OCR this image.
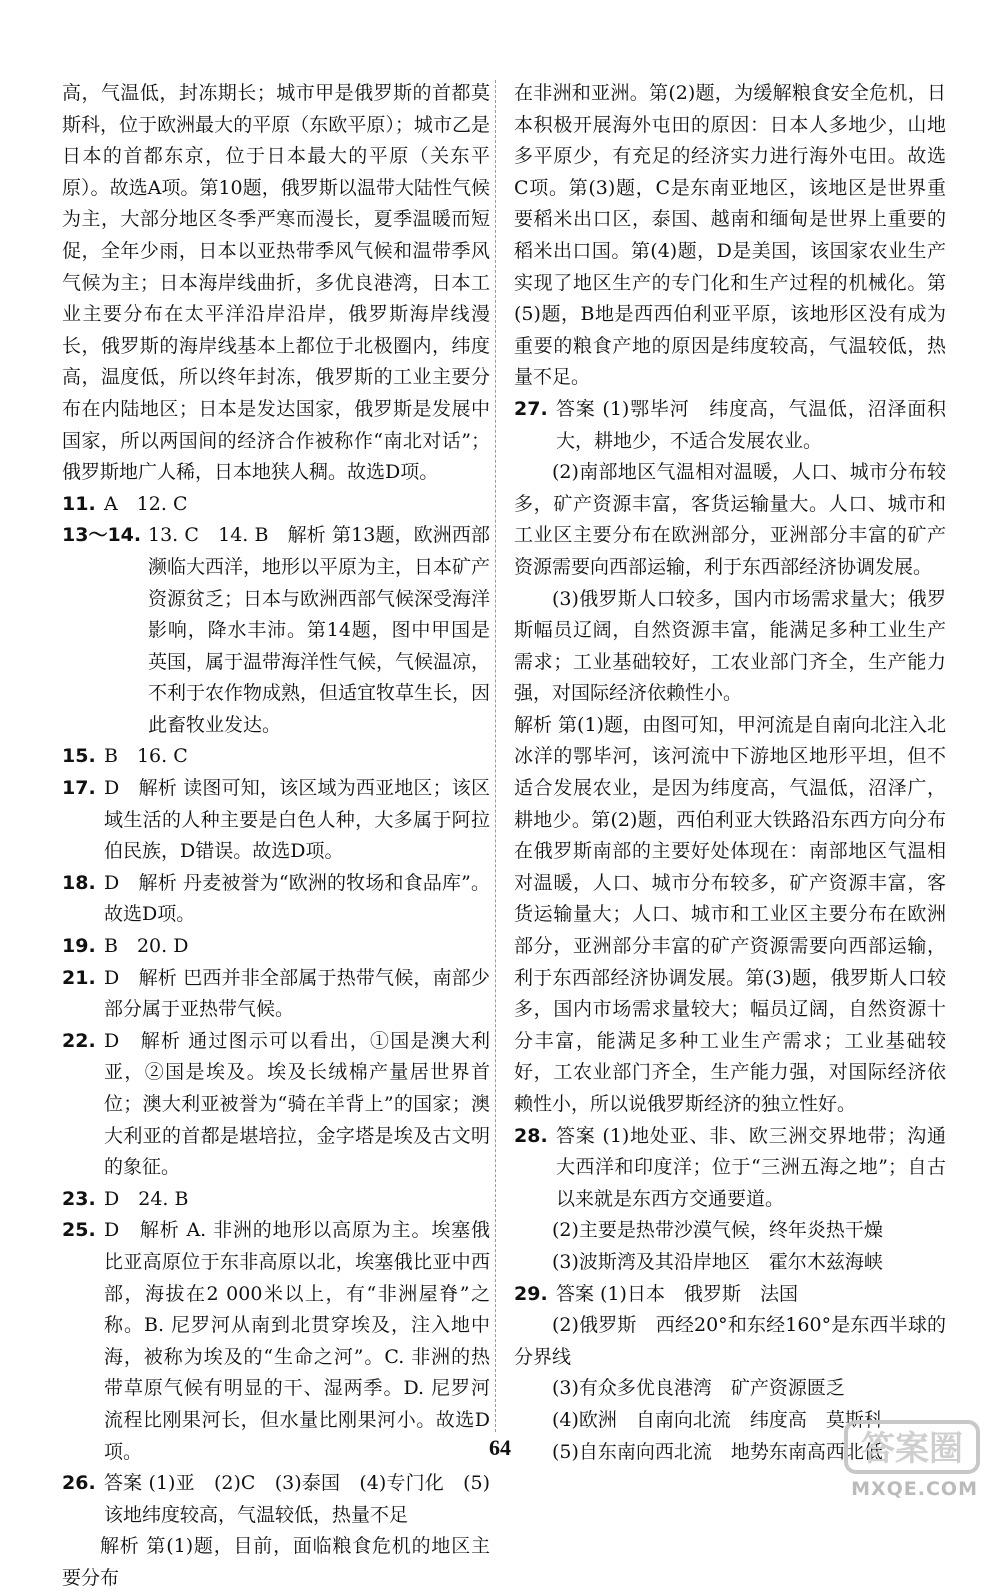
高，气温低，封冻期长；城市甲是俄罗斯的首都莫斯科，位于欧洲最大的平原（东欧平原）；城市乙是日本的首都东京，位于日本最大的平原（关东平原）。故选A项。第10题，俄罗斯以温带大陆性气候为主，大部分地区冬季严寒而漫长，夏季温暖而短促，全年少雨，日本以亚热带季风气候和温带季风气候为主；日本海岸线曲折，多优良港湾，日本工业主要分布在太平洋沿岸沿岸，俄罗斯海岸线漫长，俄罗斯的海岸线基本上都位于北极圈内，纬度高，温度低，所以终年封冻，俄罗斯的工业主要分布在内陆地区；日本是发达国家，俄罗斯是发展中国家，所以两国间的经济合作被称作“南北对话”；俄罗斯地广人稀，日本地狭人稠。故选D项。

11. A　12. C
13～14. 13. C　14. B　解析 第13题，欧洲西部濒临大西洋，地形以平原为主，日本矿产资源贫乏；日本与欧洲西部气候深受海洋影响，降水丰沛。第14题，图中甲国是英国，属于温带海洋性气候，气候温凉，不利于农作物成熟，但适宜牧草生长，因此畜牧业发达。
15. B　16. C
17. D　解析 读图可知，该区域为西亚地区；该区域生活的人种主要是白色人种，大多属于阿拉伯民族，D错误。故选D项。
18. D　解析 丹麦被誉为“欧洲的牧场和食品库”。故选D项。
19. B　20. D
21. D　解析 巴西并非全部属于热带气候，南部少部分属于亚热带气候。
22. D　解析 通过图示可以看出，①国是澳大利亚，②国是埃及。埃及长绒棉产量居世界首位；澳大利亚被誉为“骑在羊背上”的国家；澳大利亚的首都是堪培拉，金字塔是埃及古文明的象征。
23. D　24. B
25. D　解析 A. 非洲的地形以高原为主。埃塞俄比亚高原位于东非高原以北，埃塞俄比亚中西部，海拔在2 000米以上，有“非洲屋脊”之称。B. 尼罗河从南到北贯穿埃及，注入地中海，被称为埃及的“生命之河”。C. 非洲的热带草原气候有明显的干、湿两季。D. 尼罗河流程比刚果河长，但水量比刚果河小。故选D项。
26. 答案 (1)亚　(2)C　(3)泰国　(4)专门化　(5)该地纬度较高，气温较低，热量不足

解析 第(1)题，目前，面临粮食危机的地区主要分布

在非洲和亚洲。第(2)题，为缓解粮食安全危机，日本积极开展海外屯田的原因：日本人多地少，山地多平原少，有充足的经济实力进行海外屯田。故选C项。第(3)题，C是东南亚地区，该地区是世界重要稻米出口区，泰国、越南和缅甸是世界上重要的稻米出口国。第(4)题，D是美国，该国家农业生产实现了地区生产的专门化和生产过程的机械化。第(5)题，B地是西西伯利亚平原，该地形区没有成为重要的粮食产地的原因是纬度较高，气温较低，热量不足。

27. 答案 (1)鄂毕河　纬度高，气温低，沼泽面积大，耕地少，不适合发展农业。

(2)南部地区气温相对温暖，人口、城市分布较多，矿产资源丰富，客货运输量大。人口、城市和工业区主要分布在欧洲部分，亚洲部分丰富的矿产资源需要向西部运输，利于东西部经济协调发展。

(3)俄罗斯人口较多，国内市场需求量大；俄罗斯幅员辽阔，自然资源丰富，能满足多种工业生产需求；工业基础较好，工农业部门齐全，生产能力强，对国际经济依赖性小。

解析 第(1)题，由图可知，甲河流是自南向北注入北冰洋的鄂毕河，该河流中下游地区地形平坦，但不适合发展农业，是因为纬度高，气温低，沼泽广，耕地少。第(2)题，西伯利亚大铁路沿东西方向分布在俄罗斯南部的主要好处体现在：南部地区气温相对温暖，人口、城市分布较多，矿产资源丰富，客货运输量大；人口、城市和工业区主要分布在欧洲部分，亚洲部分丰富的矿产资源需要向西部运输，利于东西部经济协调发展。第(3)题，俄罗斯人口较多，国内市场需求量较大；幅员辽阔，自然资源十分丰富，能满足多种工业生产需求；工业基础较好，工农业部门齐全，生产能力强，对国际经济依赖性小，所以说俄罗斯经济的独立性好。

28. 答案 (1)地处亚、非、欧三洲交界地带；沟通大西洋和印度洋；位于“三洲五海之地”；自古以来就是东西方交通要道。

(2)主要是热带沙漠气候，终年炎热干燥

(3)波斯湾及其沿岸地区　霍尔木兹海峡

29. 答案 (1)日本　俄罗斯　法国

(2)俄罗斯　西经20°和东经160°是东西半球的分界线

(3)有众多优良港湾　矿产资源匮乏

(4)欧洲　自南向北流　纬度高　莫斯科

(5)自东南向西北流　地势东南高西北低

64	答案圈
MXQE.COM
